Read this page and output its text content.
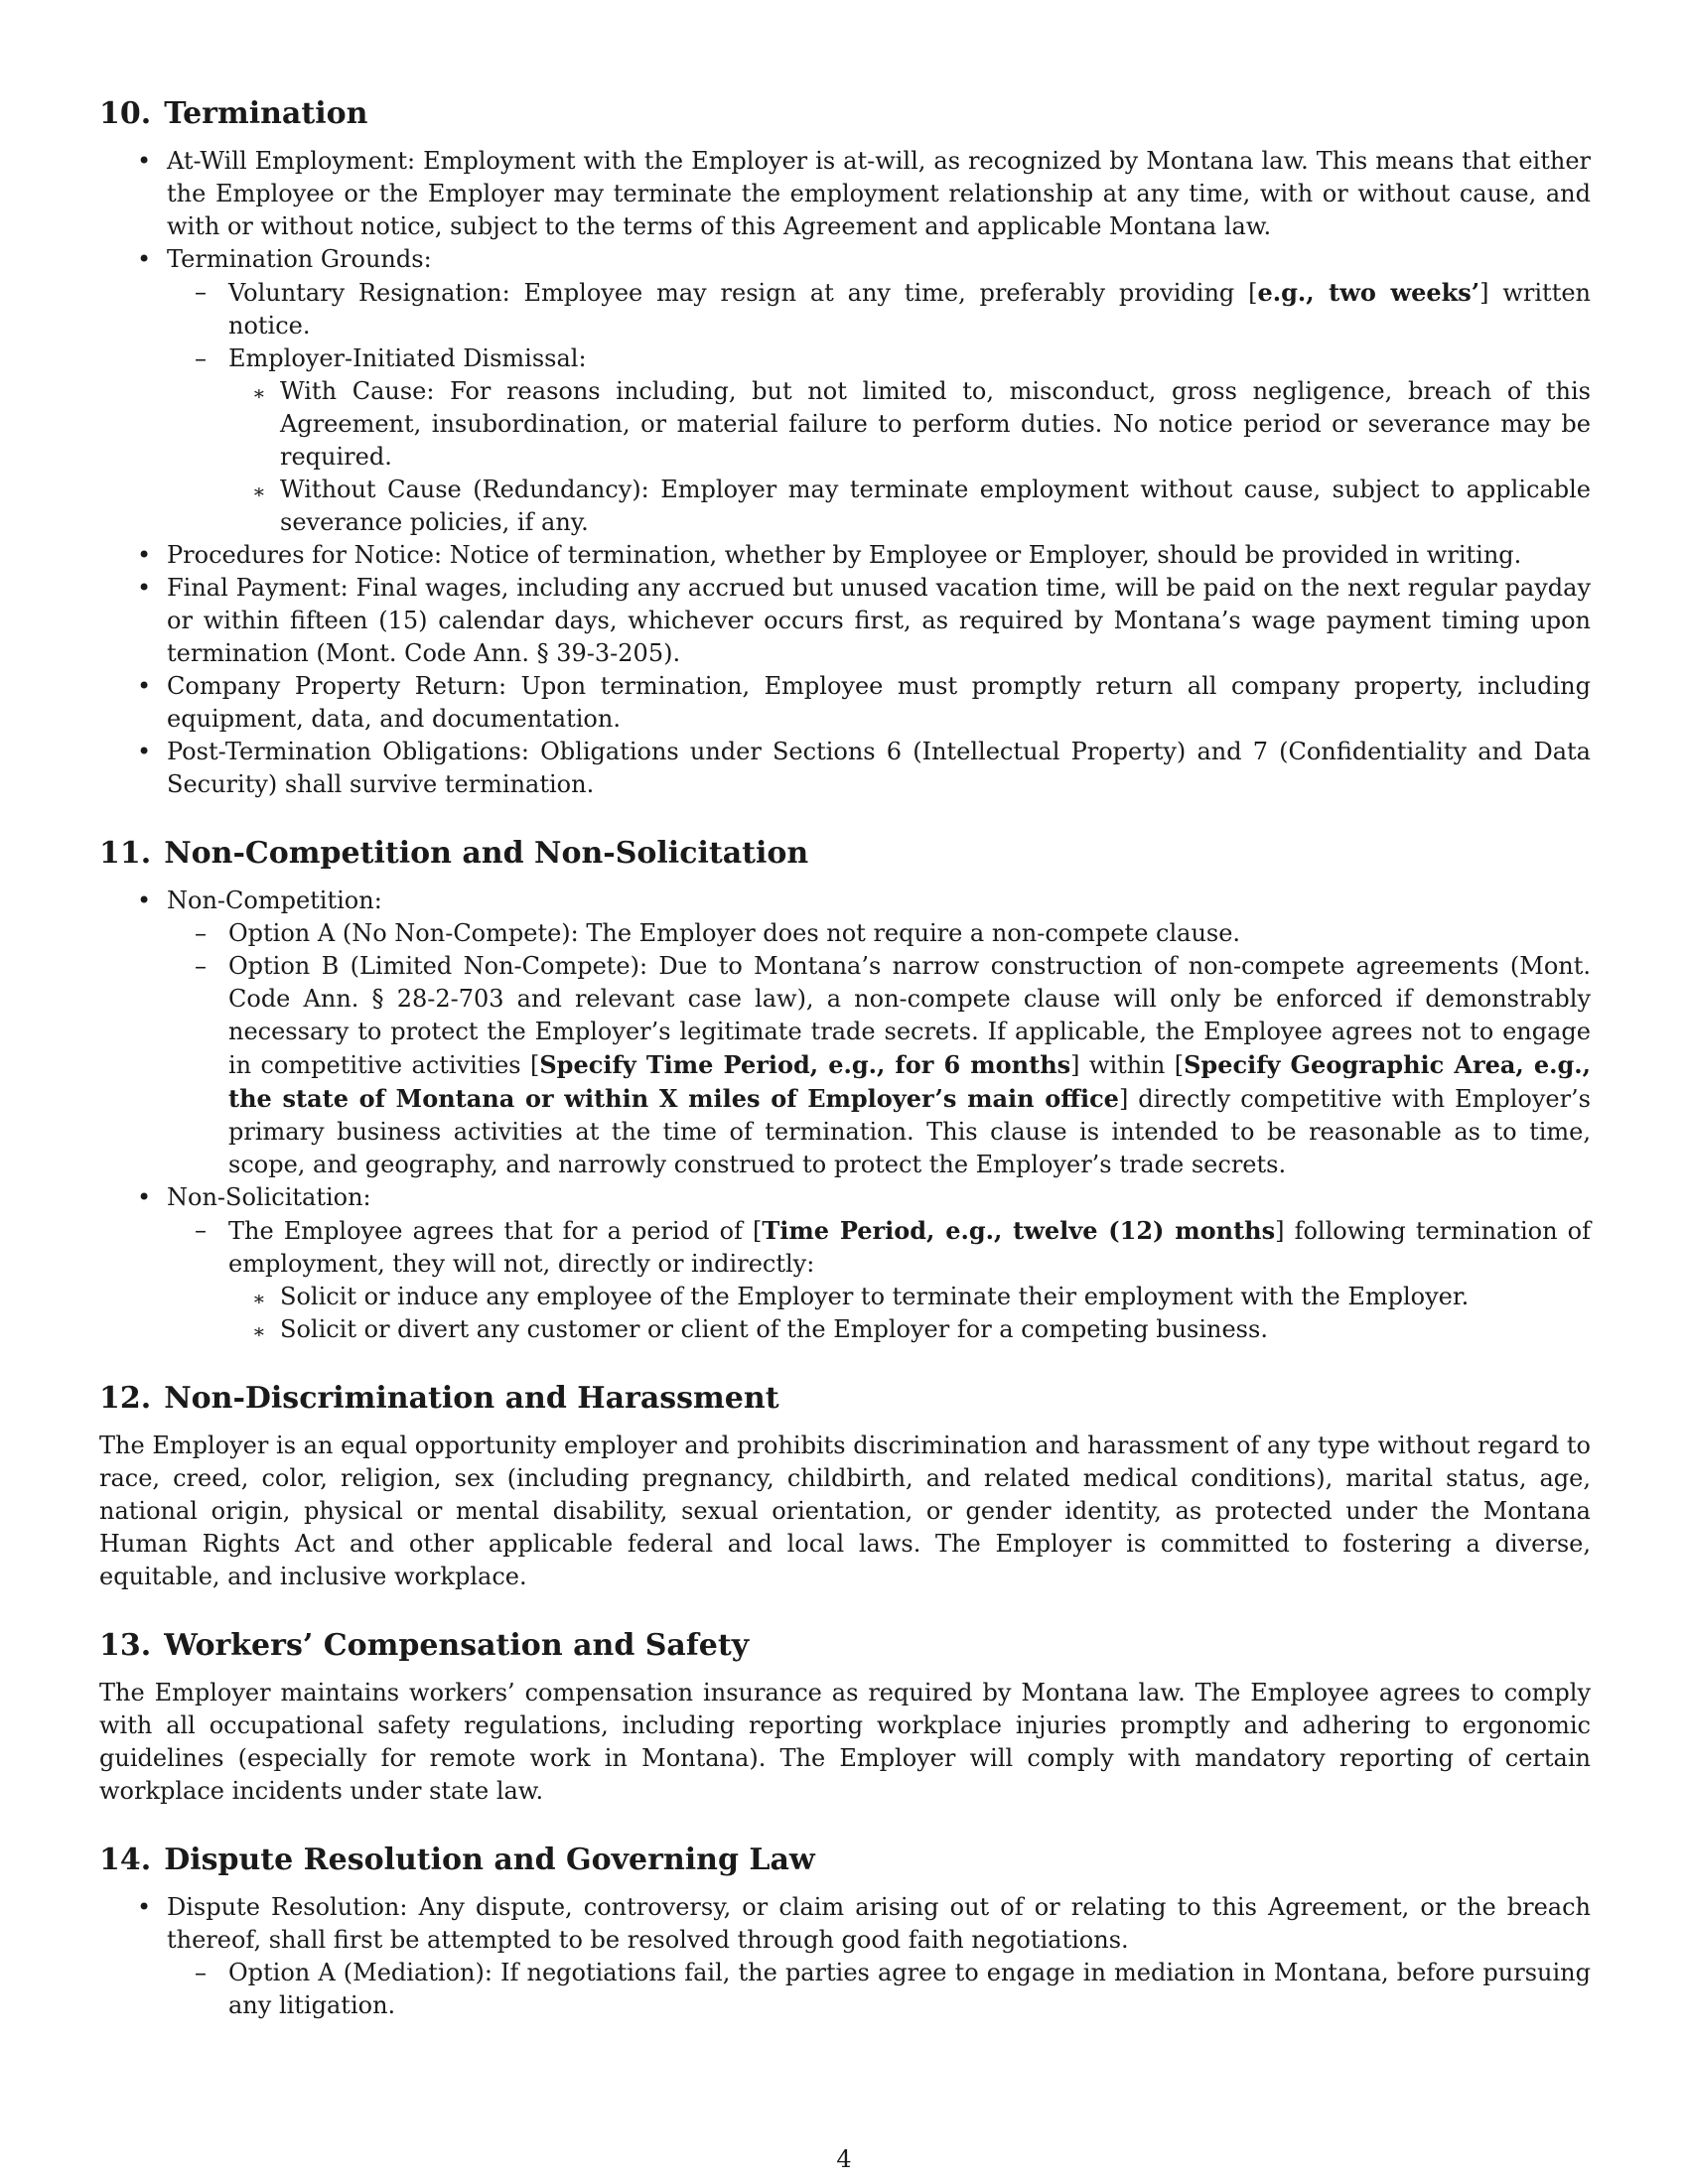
10. Termination
• At-Will Employment: Employment with the Employer is at-will, as recognized by Montana law. This means that either the Employee or the Employer may terminate the employment relationship at any time, with or without cause, and with or without notice, subject to the terms of this Agreement and applicable Montana law.
• Termination Grounds:
– Voluntary Resignation: Employee may resign at any time, preferably providing [e.g., two weeks’] written notice.
– Employer-Initiated Dismissal:
∗ With Cause: For reasons including, but not limited to, misconduct, gross negligence, breach of this Agreement, insubordination, or material failure to perform duties. No notice period or severance may be required.
∗ Without Cause (Redundancy): Employer may terminate employment without cause, subject to applicable severance policies, if any.
• Procedures for Notice: Notice of termination, whether by Employee or Employer, should be provided in writing.
• Final Payment: Final wages, including any accrued but unused vacation time, will be paid on the next regular payday or within fifteen (15) calendar days, whichever occurs first, as required by Montana’s wage payment timing upon termination (Mont. Code Ann. § 39-3-205).
• Company Property Return: Upon termination, Employee must promptly return all company property, including equipment, data, and documentation.
• Post-Termination Obligations: Obligations under Sections 6 (Intellectual Property) and 7 (Confidentiality and Data Security) shall survive termination.
11. Non-Competition and Non-Solicitation
• Non-Competition:
– Option A (No Non-Compete): The Employer does not require a non-compete clause.
– Option B (Limited Non-Compete): Due to Montana’s narrow construction of non-compete agreements (Mont. Code Ann. § 28-2-703 and relevant case law), a non-compete clause will only be enforced if demonstrably necessary to protect the Employer’s legitimate trade secrets. If applicable, the Employee agrees not to engage in competitive activities [Specify Time Period, e.g., for 6 months] within [Specify Geographic Area, e.g., the state of Montana or within X miles of Employer’s main office] directly competitive with Employer’s primary business activities at the time of termination. This clause is intended to be reasonable as to time, scope, and geography, and narrowly construed to protect the Employer’s trade secrets.
• Non-Solicitation:
– The Employee agrees that for a period of [Time Period, e.g., twelve (12) months] following termination of employment, they will not, directly or indirectly:
∗ Solicit or induce any employee of the Employer to terminate their employment with the Employer.
∗ Solicit or divert any customer or client of the Employer for a competing business.
12. Non-Discrimination and Harassment

The Employer is an equal opportunity employer and prohibits discrimination and harassment of any type without regard to race, creed, color, religion, sex (including pregnancy, childbirth, and related medical conditions), marital status, age, national origin, physical or mental disability, sexual orientation, or gender identity, as protected under the Montana Human Rights Act and other applicable federal and local laws. The Employer is committed to fostering a diverse, equitable, and inclusive workplace.

13. Workers’ Compensation and Safety

The Employer maintains workers’ compensation insurance as required by Montana law. The Employee agrees to comply with all occupational safety regulations, including reporting workplace injuries promptly and adhering to ergonomic guidelines (especially for remote work in Montana). The Employer will comply with mandatory reporting of certain workplace incidents under state law.

14. Dispute Resolution and Governing Law
• Dispute Resolution: Any dispute, controversy, or claim arising out of or relating to this Agreement, or the breach thereof, shall first be attempted to be resolved through good faith negotiations.
– Option A (Mediation): If negotiations fail, the parties agree to engage in mediation in Montana, before pursuing any litigation.
4
